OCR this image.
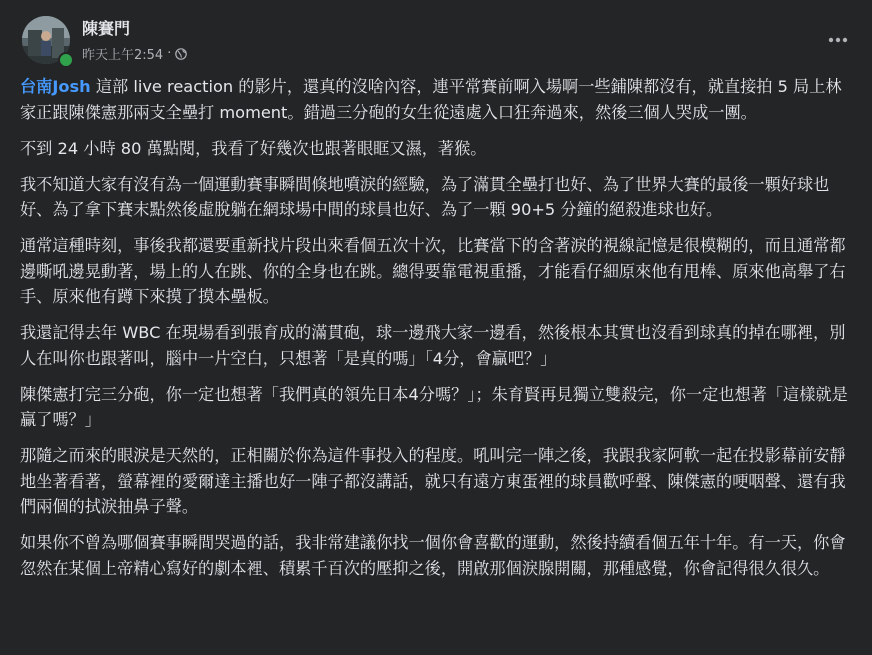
陳賽門
昨天上午2:54 ·

台南Josh 這部 live reaction 的影片，還真的沒啥內容，連平常賽前啊入場啊一些鋪陳都沒有，就直接拍 5 局上林家正跟陳傑憲那兩支全壘打 moment。錯過三分砲的女生從遠處入口狂奔過來，然後三個人哭成一團。

不到 24 小時 80 萬點閱，我看了好幾次也跟著眼眶又濕，著猴。

我不知道大家有沒有為一個運動賽事瞬間倏地噴淚的經驗，為了滿貫全壘打也好、為了世界大賽的最後一顆好球也好、為了拿下賽末點然後虛脫躺在網球場中間的球員也好、為了一顆 90+5 分鐘的絕殺進球也好。

通常這種時刻，事後我都還要重新找片段出來看個五次十次，比賽當下的含著淚的視線記憶是很模糊的，而且通常都邊嘶吼邊晃動著，場上的人在跳、你的全身也在跳。總得要靠電視重播，才能看仔細原來他有甩棒、原來他高舉了右手、原來他有蹲下來摸了摸本壘板。

我還記得去年 WBC 在現場看到張育成的滿貫砲，球一邊飛大家一邊看，然後根本其實也沒看到球真的掉在哪裡，別人在叫你也跟著叫，腦中一片空白，只想著「是真的嗎」「4分，會贏吧？」

陳傑憲打完三分砲，你一定也想著「我們真的領先日本4分嗎？」；朱育賢再見獨立雙殺完，你一定也想著「這樣就是贏了嗎？」

那隨之而來的眼淚是天然的，正相關於你為這件事投入的程度。吼叫完一陣之後，我跟我家阿軟一起在投影幕前安靜地坐著看著，螢幕裡的愛爾達主播也好一陣子都沒講話，就只有遠方東蛋裡的球員歡呼聲、陳傑憲的哽咽聲、還有我們兩個的拭淚抽鼻子聲。

如果你不曾為哪個賽事瞬間哭過的話，我非常建議你找一個你會喜歡的運動，然後持續看個五年十年。有一天，你會忽然在某個上帝精心寫好的劇本裡、積累千百次的壓抑之後，開啟那個淚腺開關，那種感覺，你會記得很久很久。
